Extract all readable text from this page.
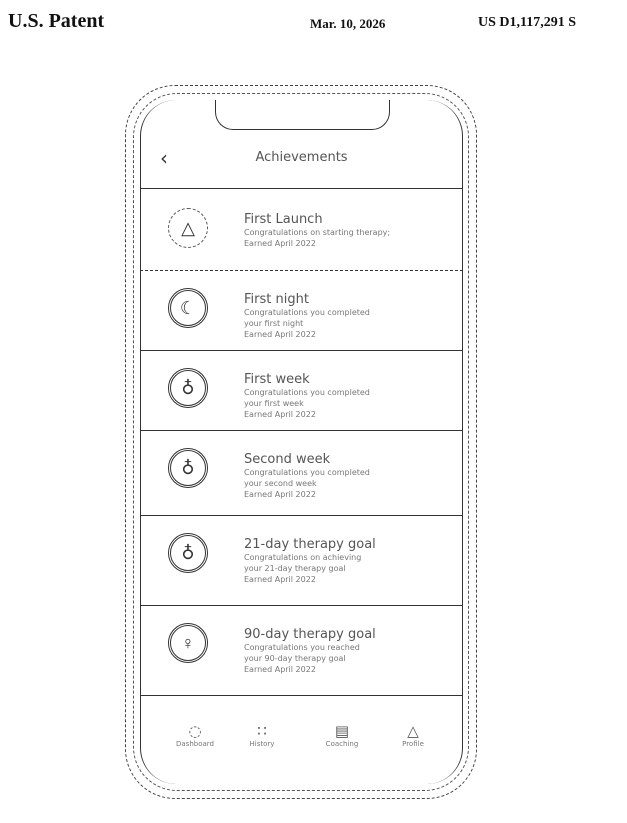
U.S. Patent	Mar. 10, 2026	US D1,117,291 S
‹	Achievements
△	First Launch
Congratulations on starting therapy;
Earned April 2022
☾	First night
Congratulations you completed
your first night
Earned April 2022
♁	First week
Congratulations you completed
your first week
Earned April 2022
♁	Second week
Congratulations you completed
your second week
Earned April 2022
♁	21-day therapy goal
Congratulations on achieving
your 21-day therapy goal
Earned April 2022
♀	90-day therapy goal
Congratulations you reached
your 90-day therapy goal
Earned April 2022
◌
Dashboard
∷
History
▤
Coaching
△
Profile
